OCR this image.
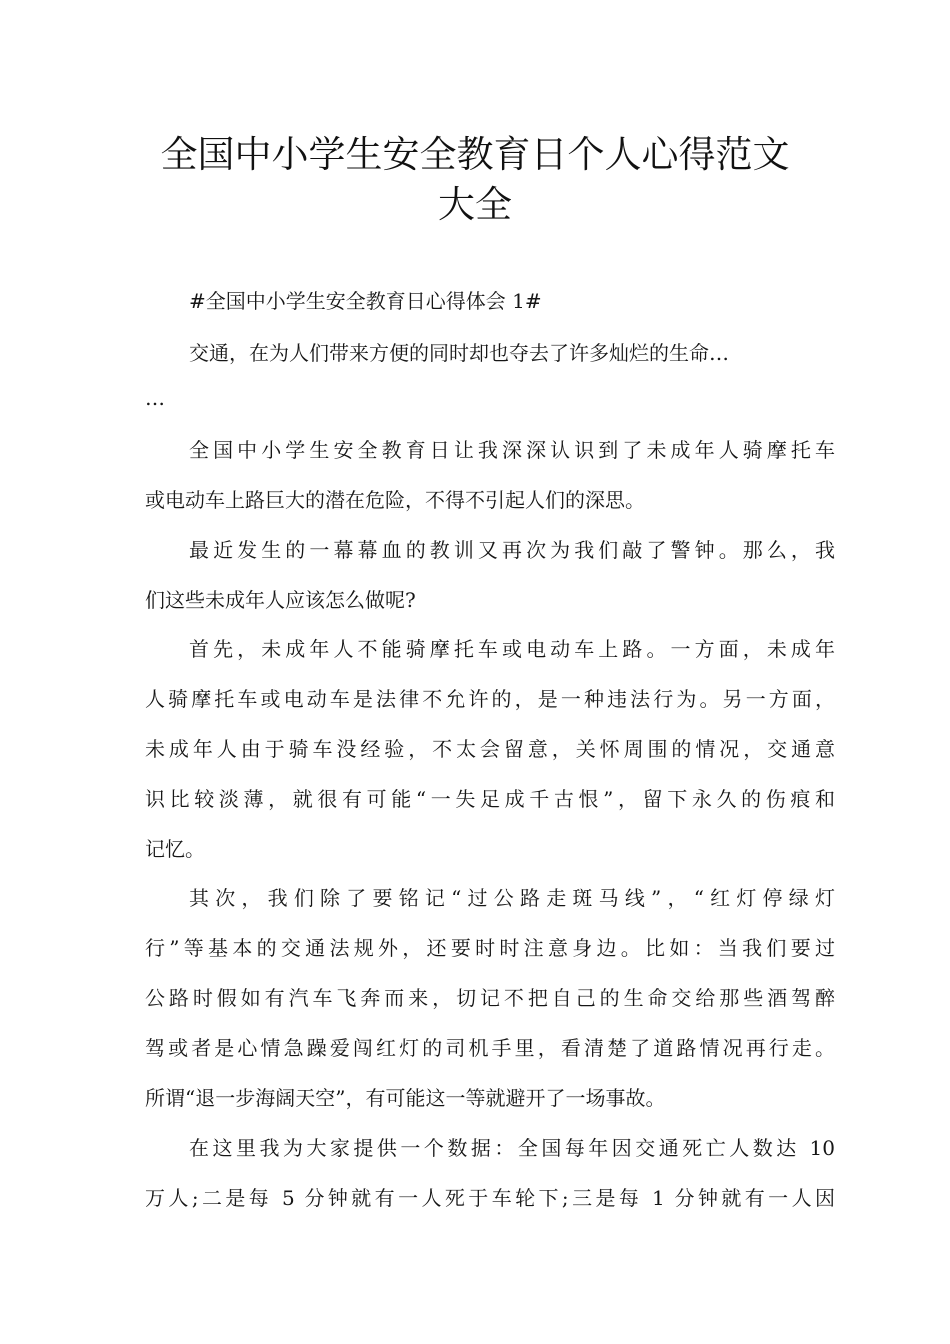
全国中小学生安全教育日个人心得范文
大全
#全国中小学生安全教育日心得体会 1#
交通，在为人们带来方便的同时却也夺去了许多灿烂的生命…
…
全国中小学生安全教育日让我深深认识到了未成年人骑摩托车
或电动车上路巨大的潜在危险，不得不引起人们的深思。
最近发生的一幕幕血的教训又再次为我们敲了警钟。那么，我
们这些未成年人应该怎么做呢?
首先，未成年人不能骑摩托车或电动车上路。一方面，未成年
人骑摩托车或电动车是法律不允许的，是一种违法行为。另一方面，
未成年人由于骑车没经验，不太会留意，关怀周围的情况，交通意
识比较淡薄，就很有可能“一失足成千古恨”，留下永久的伤痕和
记忆。
其次，我们除了要铭记“过公路走斑马线”，“红灯停绿灯
行”等基本的交通法规外，还要时时注意身边。比如：当我们要过
公路时假如有汽车飞奔而来，切记不把自己的生命交给那些酒驾醉
驾或者是心情急躁爱闯红灯的司机手里，看清楚了道路情况再行走。
所谓“退一步海阔天空”，有可能这一等就避开了一场事故。
在这里我为大家提供一个数据：全国每年因交通死亡人数达 10
万人;二是每 5 分钟就有一人死于车轮下;三是每 1 分钟就有一人因
